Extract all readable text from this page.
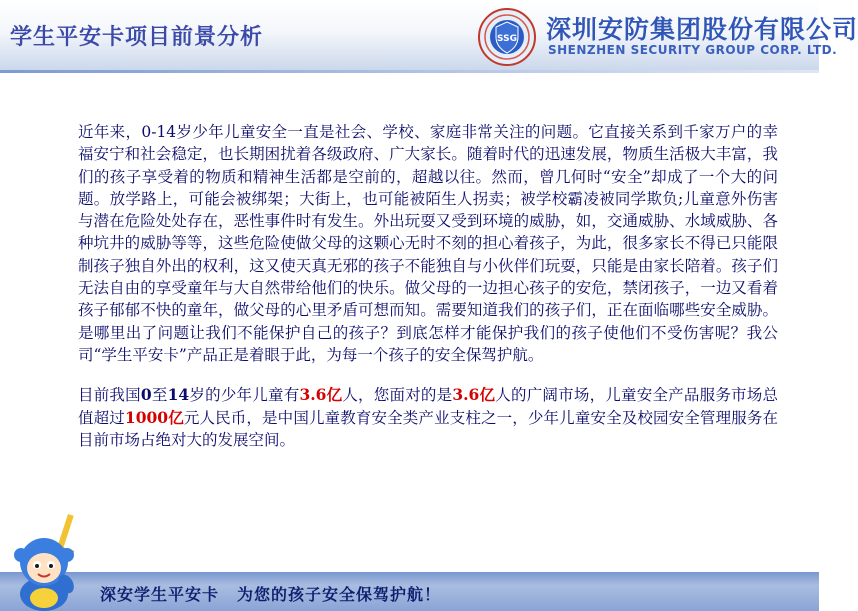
学生平安卡项目前景分析	SSG 深圳安防集团股份有限公司
SHENZHEN SECURITY GROUP CORP. LTD.

近年来，0-14岁少年儿童安全一直是社会、学校、家庭非常关注的问题。它直接关系到千家万户的幸福安宁和社会稳定，也长期困扰着各级政府、广大家长。随着时代的迅速发展，物质生活极大丰富，我们的孩子享受着的物质和精神生活都是空前的，超越以往。然而，曾几何时“安全”却成了一个大的问题。放学路上，可能会被绑架；大街上，也可能被陌生人拐卖；被学校霸凌被同学欺负;儿童意外伤害与潜在危险处处存在，恶性事件时有发生。外出玩耍又受到环境的威胁，如，交通威胁、水域威胁、各种坑井的威胁等等，这些危险使做父母的这颗心无时不刻的担心着孩子，为此，很多家长不得已只能限制孩子独自外出的权利，这又使天真无邪的孩子不能独自与小伙伴们玩耍，只能是由家长陪着。孩子们无法自由的享受童年与大自然带给他们的快乐。做父母的一边担心孩子的安危，禁闭孩子，一边又看着孩子郁郁不快的童年，做父母的心里矛盾可想而知。需要知道我们的孩子们，正在面临哪些安全威胁。是哪里出了问题让我们不能保护自己的孩子？到底怎样才能保护我们的孩子使他们不受伤害呢？我公司“学生平安卡”产品正是着眼于此，为每一个孩子的安全保驾护航。

目前我国0至14岁的少年儿童有3.6亿人，您面对的是3.6亿人的广阔市场，儿童安全产品服务市场总值超过1000亿元人民币，是中国儿童教育安全类产业支柱之一，少年儿童安全及校园安全管理服务在目前市场占绝对大的发展空间。

深安学生平安卡 为您的孩子安全保驾护航！
